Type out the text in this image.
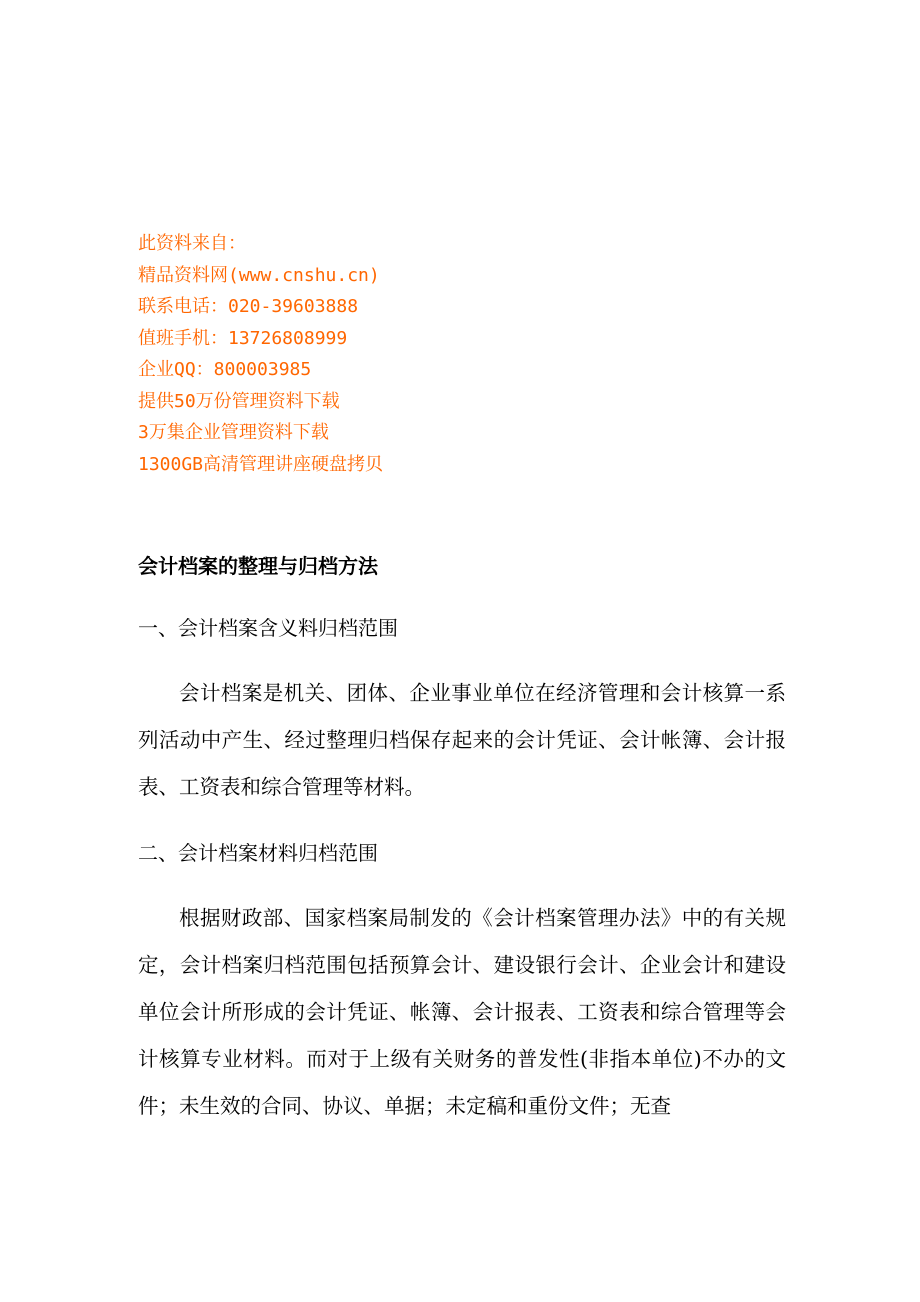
此资料来自：
精品资料网(www.cnshu.cn)
联系电话：020-39603888
值班手机：13726808999
企业QQ：800003985
提供50万份管理资料下载
3万集企业管理资料下载
1300GB高清管理讲座硬盘拷贝
会计档案的整理与归档方法
一、会计档案含义料归档范围

会计档案是机关、团体、企业事业单位在经济管理和会计核算一系列活动中产生、经过整理归档保存起来的会计凭证、会计帐簿、会计报表、工资表和综合管理等材料。

二、会计档案材料归档范围

根据财政部、国家档案局制发的《会计档案管理办法》中的有关规定，会计档案归档范围包括预算会计、建设银行会计、企业会计和建设单位会计所形成的会计凭证、帐簿、会计报表、工资表和综合管理等会计核算专业材料。而对于上级有关财务的普发性(非指本单位)不办的文件；未生效的合同、协议、单据；未定稿和重份文件；无查
